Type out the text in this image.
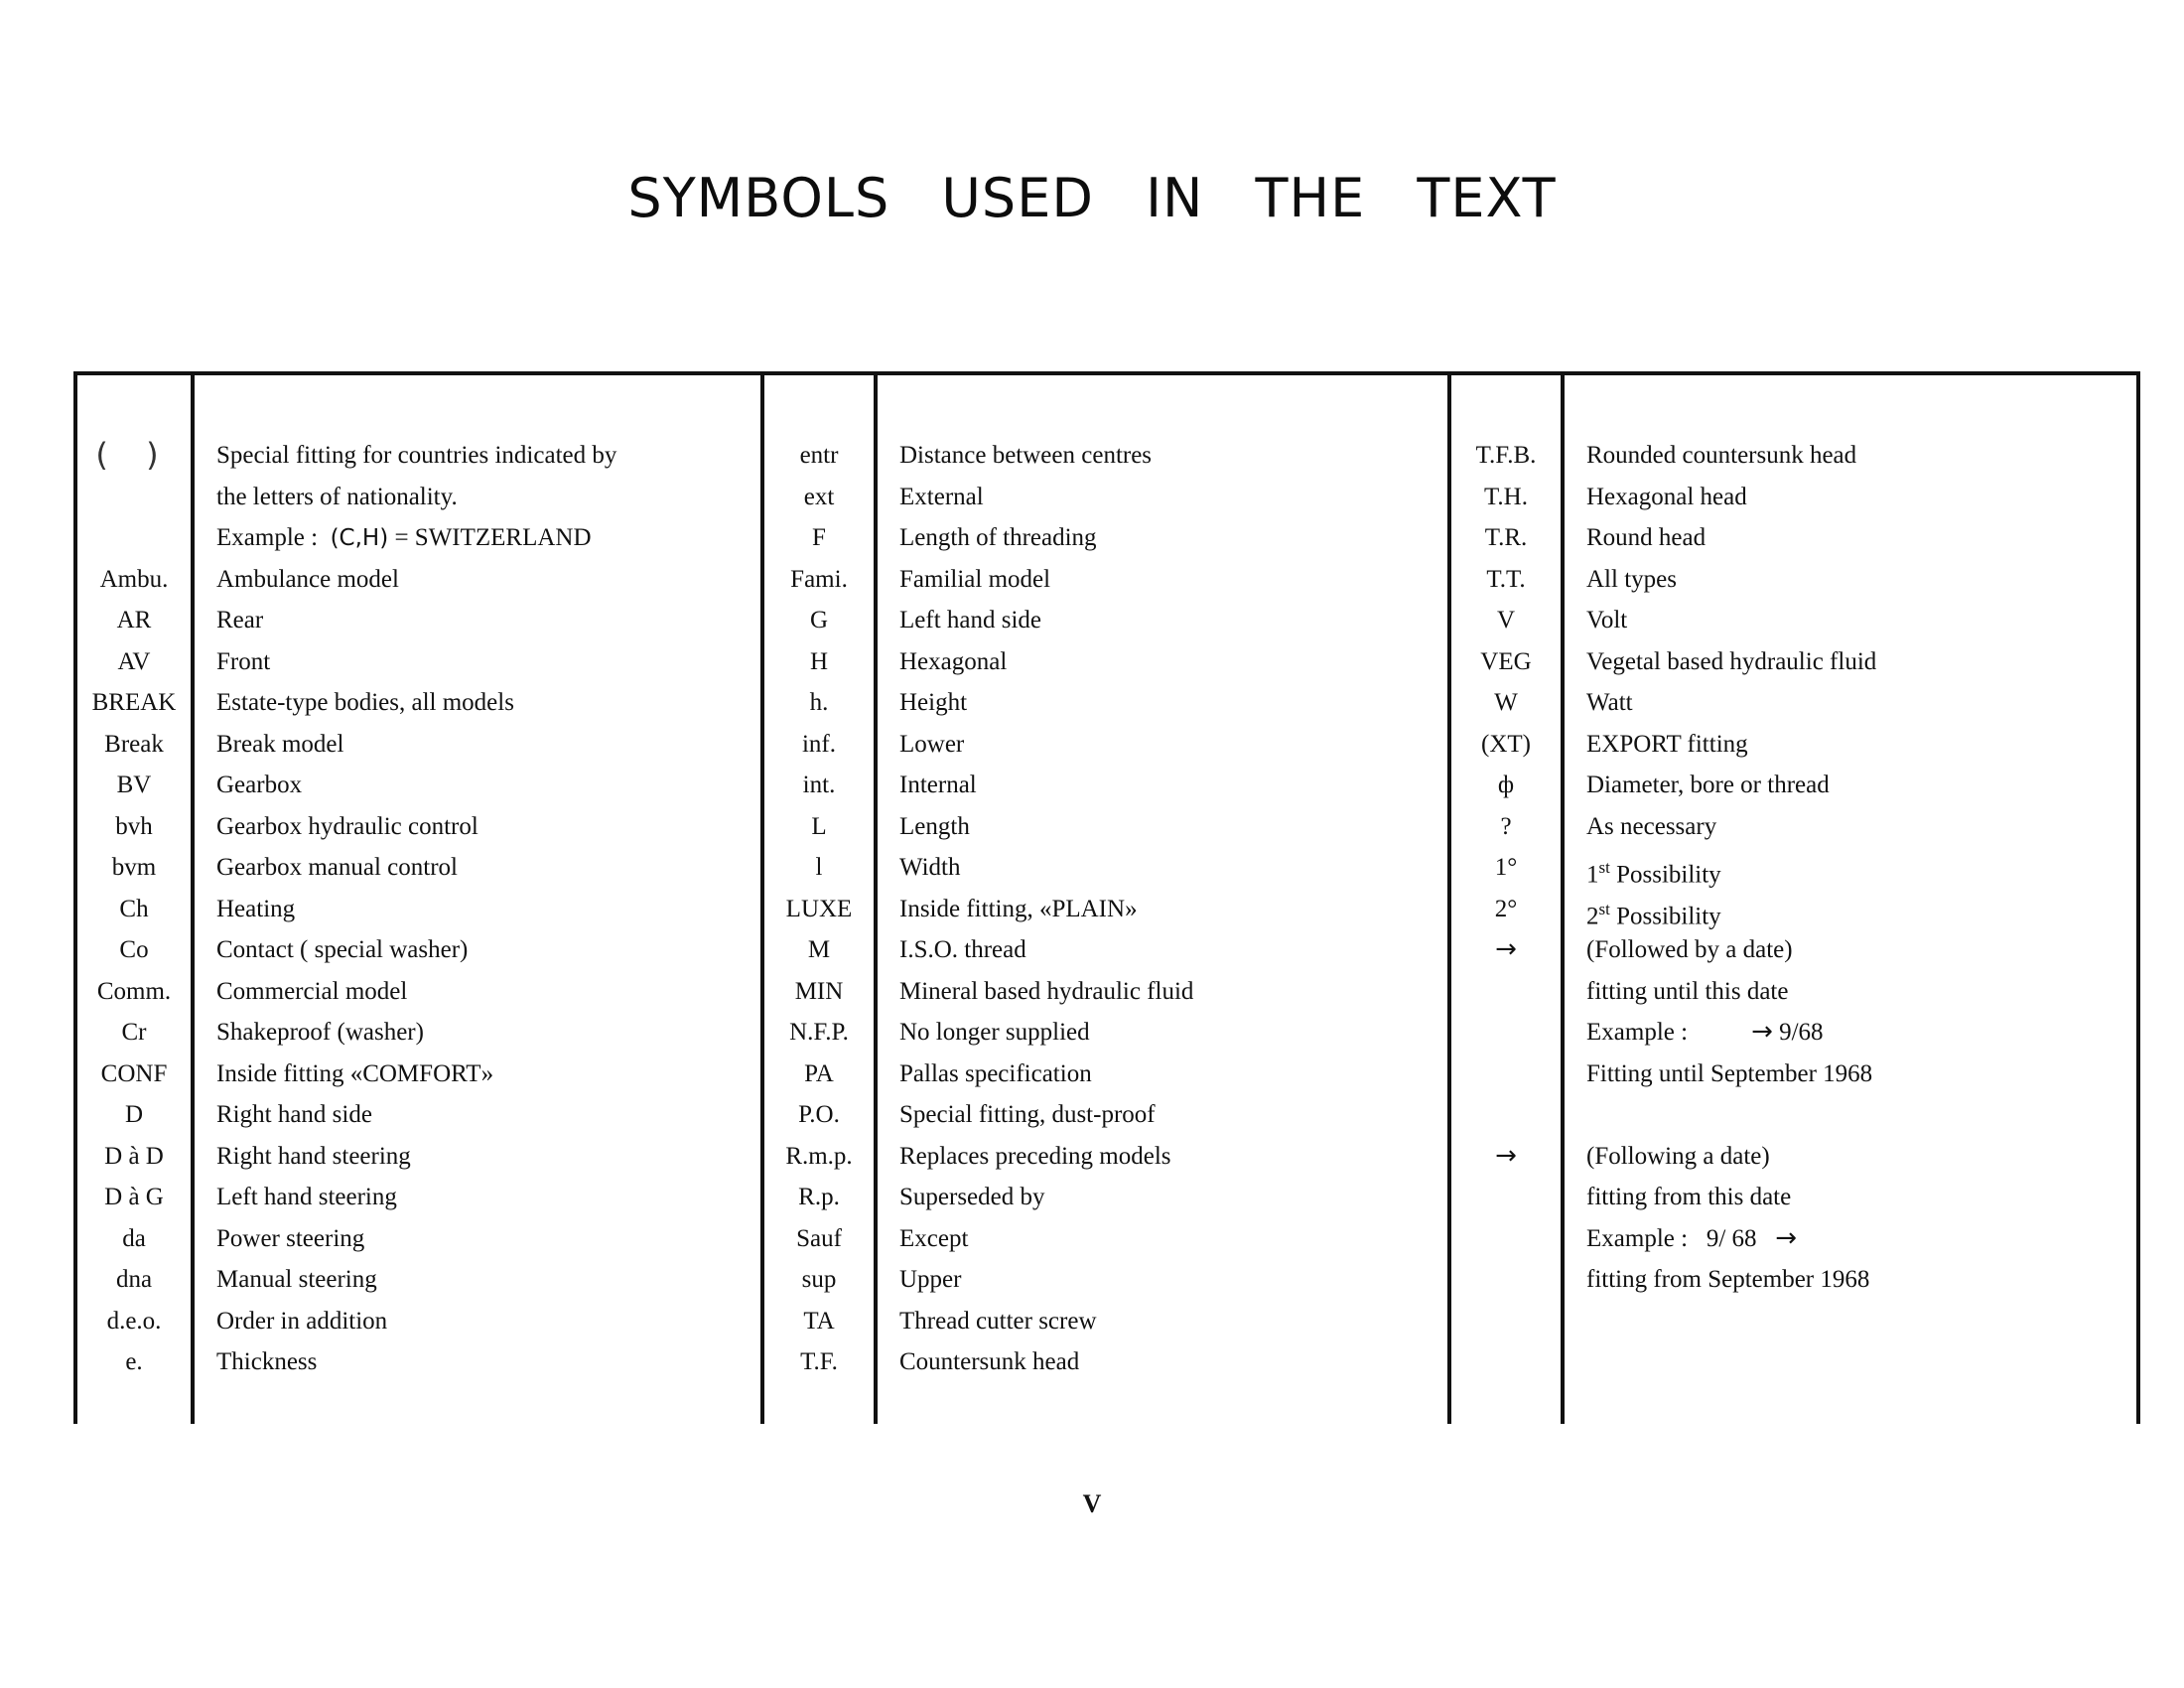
SYMBOLS USED IN THE TEXT
( )
Ambu.
AR
AV
BREAK
Break
BV
bvh
bvm
Ch
Co
Comm.
Cr
CONF
D
D à D
D à G
da
dna
d.e.o.
e.
Special fitting for countries indicated by
the letters of nationality.
Example : (C,H) = SWITZERLAND
Ambulance model
Rear
Front
Estate-type bodies, all models
Break model
Gearbox
Gearbox hydraulic control
Gearbox manual control
Heating
Contact ( special washer)
Commercial model
Shakeproof (washer)
Inside fitting «COMFORT»
Right hand side
Right hand steering
Left hand steering
Power steering
Manual steering
Order in addition
Thickness
entr
ext
F
Fami.
G
H
h.
inf.
int.
L
l
LUXE
M
MIN
N.F.P.
PA
P.O.
R.m.p.
R.p.
Sauf
sup
TA
T.F.
Distance between centres
External
Length of threading
Familial model
Left hand side
Hexagonal
Height
Lower
Internal
Length
Width
Inside fitting, «PLAIN»
I.S.O. thread
Mineral based hydraulic fluid
No longer supplied
Pallas specification
Special fitting, dust-proof
Replaces preceding models
Superseded by
Except
Upper
Thread cutter screw
Countersunk head
T.F.B.
T.H.
T.R.
T.T.
V
VEG
W
(XT)
ф
?
1°
2°
→
→
Rounded countersunk head
Hexagonal head
Round head
All types
Volt
Vegetal based hydraulic fluid
Watt
EXPORT fitting
Diameter, bore or thread
As necessary
1st Possibility
2st Possibility
(Followed by a date)
fitting until this date
Example : → 9/68
Fitting until September 1968
(Following a date)
fitting from this date
Example : 9/ 68 →
fitting from September 1968
V
